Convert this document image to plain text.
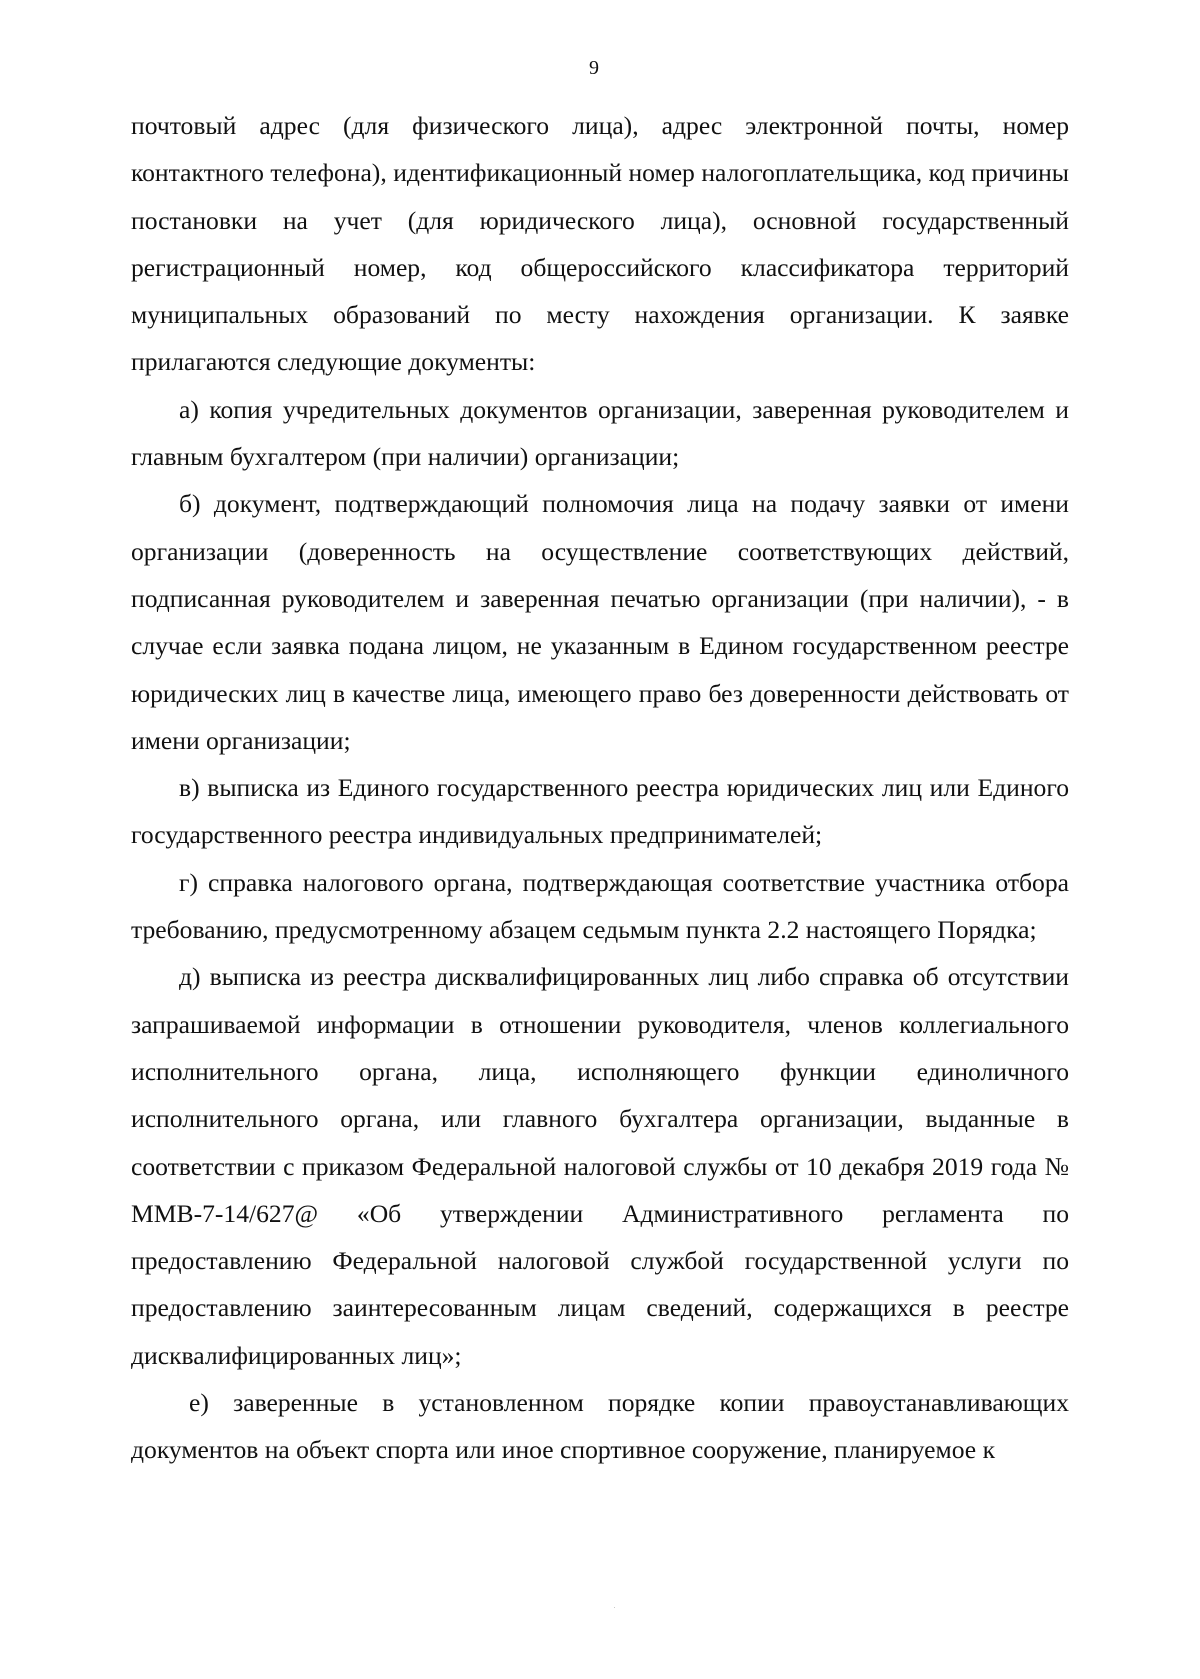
9

почтовый адрес (для физического лица), адрес электронной почты, номер контактного телефона), идентификационный номер налогоплательщика, код причины постановки на учет (для юридического лица), основной государственный регистрационный номер, код общероссийского классификатора территорий муниципальных образований по месту нахождения организации. К заявке прилагаются следующие документы:

а) копия учредительных документов организации, заверенная руководителем и главным бухгалтером (при наличии) организации;

б) документ, подтверждающий полномочия лица на подачу заявки от имени организации (доверенность на осуществление соответствующих действий, подписанная руководителем и заверенная печатью организации (при наличии), - в случае если заявка подана лицом, не указанным в Едином государственном реестре юридических лиц в качестве лица, имеющего право без доверенности действовать от имени организации;

в) выписка из Единого государственного реестра юридических лиц или Единого государственного реестра индивидуальных предпринимателей;

г) справка налогового органа, подтверждающая соответствие участника отбора требованию, предусмотренному абзацем седьмым пункта 2.2 настоящего Порядка;

д) выписка из реестра дисквалифицированных лиц либо справка об отсутствии запрашиваемой информации в отношении руководителя, членов коллегиального исполнительного органа, лица, исполняющего функции единоличного исполнительного органа, или главного бухгалтера организации, выданные в соответствии с приказом Федеральной налоговой службы от 10 декабря 2019 года № ММВ-7-14/627@ «Об утверждении Административного регламента по предоставлению Федеральной налоговой службой государственной услуги по предоставлению заинтересованным лицам сведений, содержащихся в реестре дисквалифицированных лиц»;

е) заверенные в установленном порядке копии правоустанавливающих документов на объект спорта или иное спортивное сооружение, планируемое к
